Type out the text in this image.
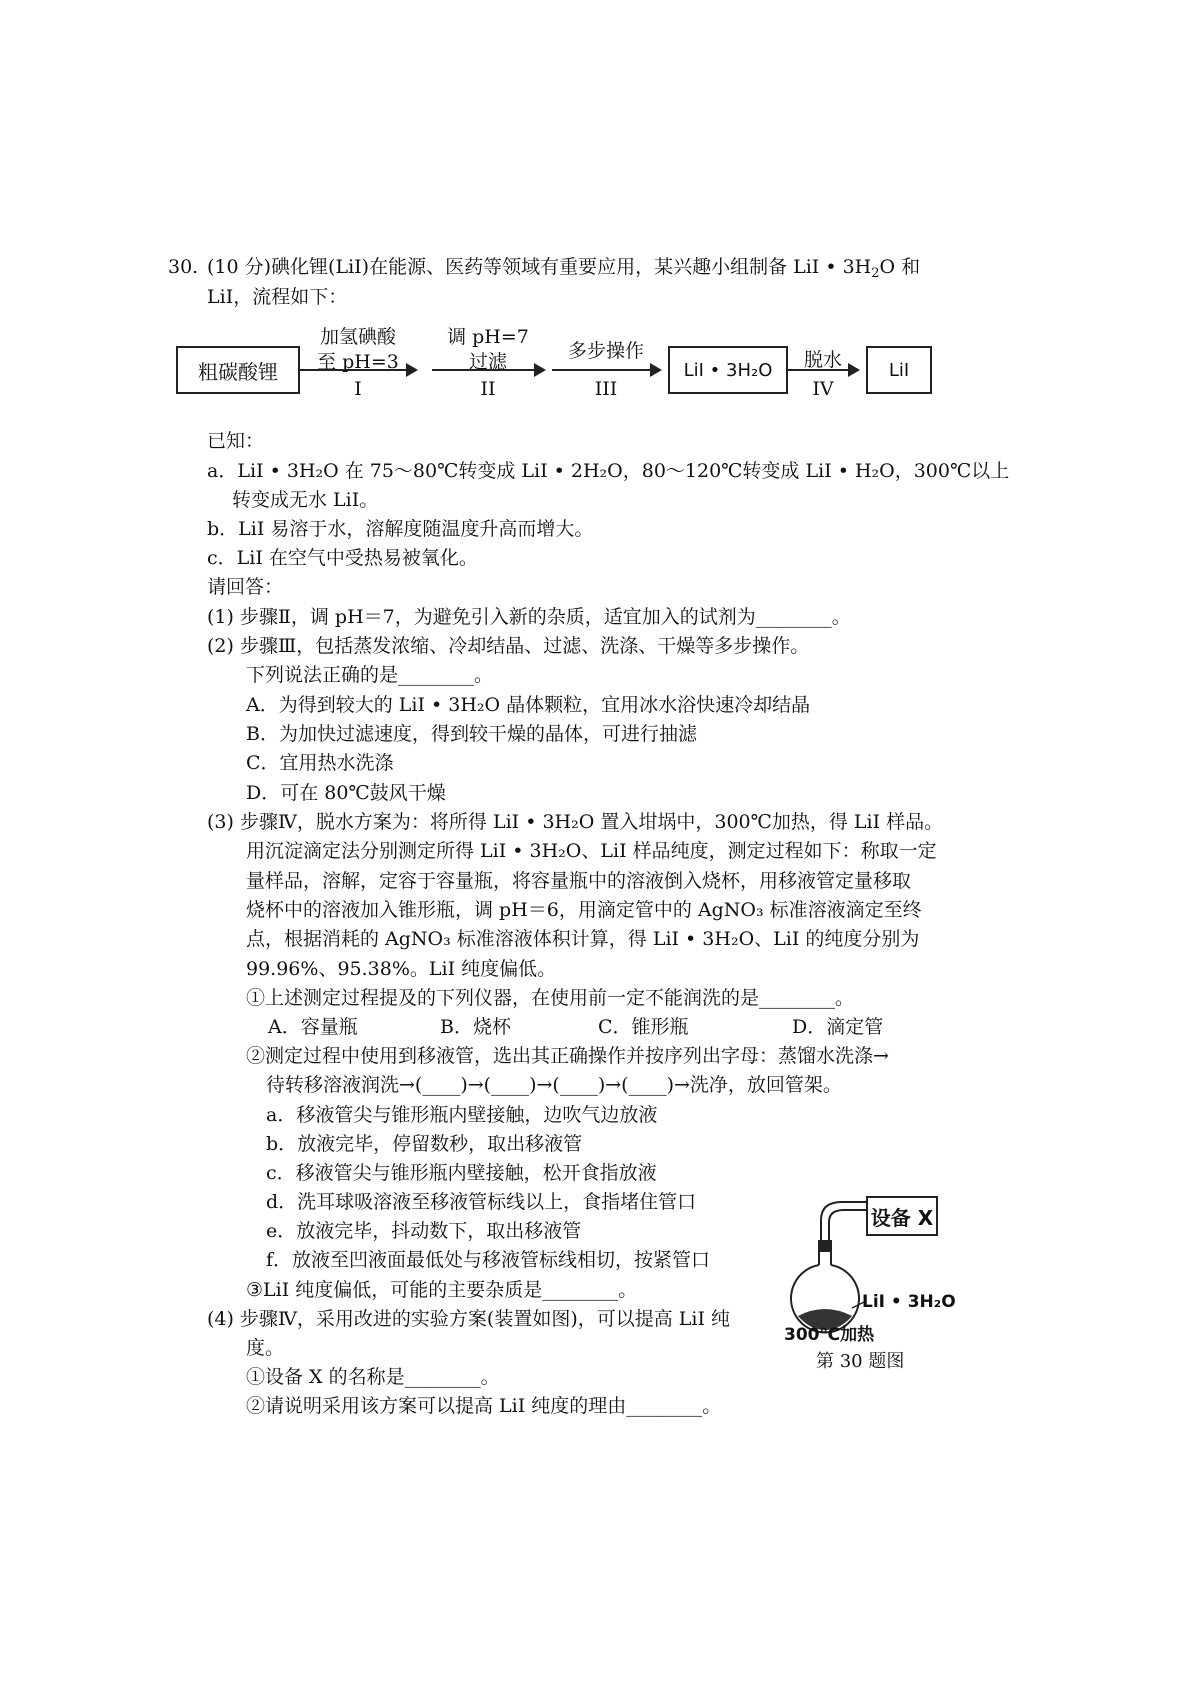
30. (10 分)碘化锂(LiI)在能源、医药等领域有重要应用，某兴趣小组制备 LiI • $3H_2O$ 和
LiI，流程如下：
粗碳酸锂
加氢碘酸
至 pH=3
I
调 pH=7
过滤
II
多步操作
III
LiI • 3H₂O	脱水
IV
LiI
已知：
a．LiI • 3H₂O 在 75～80℃转变成 LiI • 2H₂O，80～120℃转变成 LiI • H₂O，300℃以上
转变成无水 LiI。
b．LiI 易溶于水，溶解度随温度升高而增大。
c．LiI 在空气中受热易被氧化。
请回答：
(1) 步骤Ⅱ，调 pH＝7，为避免引入新的杂质，适宜加入的试剂为________。
(2) 步骤Ⅲ，包括蒸发浓缩、冷却结晶、过滤、洗涤、干燥等多步操作。
下列说法正确的是________。
A．为得到较大的 LiI • 3H₂O 晶体颗粒，宜用冰水浴快速冷却结晶
B．为加快过滤速度，得到较干燥的晶体，可进行抽滤
C．宜用热水洗涤
D．可在 80℃鼓风干燥
(3) 步骤Ⅳ，脱水方案为：将所得 LiI • 3H₂O 置入坩埚中，300℃加热，得 LiI 样品。
用沉淀滴定法分别测定所得 LiI • 3H₂O、LiI 样品纯度，测定过程如下：称取一定
量样品，溶解，定容于容量瓶，将容量瓶中的溶液倒入烧杯，用移液管定量移取
烧杯中的溶液加入锥形瓶，调 pH＝6，用滴定管中的 AgNO₃ 标准溶液滴定至终
点，根据消耗的 AgNO₃ 标准溶液体积计算，得 LiI • 3H₂O、LiI 的纯度分别为
99.96%、95.38%。LiI 纯度偏低。
①上述测定过程提及的下列仪器，在使用前一定不能润洗的是________。
A．容量瓶	B．烧杯	C．锥形瓶	D．滴定管
②测定过程中使用到移液管，选出其正确操作并按序列出字母：蒸馏水洗涤→
待转移溶液润洗→(____)→(____)→(____)→(____)→洗净，放回管架。
a．移液管尖与锥形瓶内壁接触，边吹气边放液
b．放液完毕，停留数秒，取出移液管
c．移液管尖与锥形瓶内壁接触，松开食指放液
d．洗耳球吸溶液至移液管标线以上，食指堵住管口
e．放液完毕，抖动数下，取出移液管
f．放液至凹液面最低处与移液管标线相切，按紧管口
③LiI 纯度偏低，可能的主要杂质是________。
(4) 步骤Ⅳ，采用改进的实验方案(装置如图)，可以提高 LiI 纯
度。
①设备 X 的名称是________。
②请说明采用该方案可以提高 LiI 纯度的理由________。
设备 X
LiI • 3H₂O
300℃加热
第 30 题图
